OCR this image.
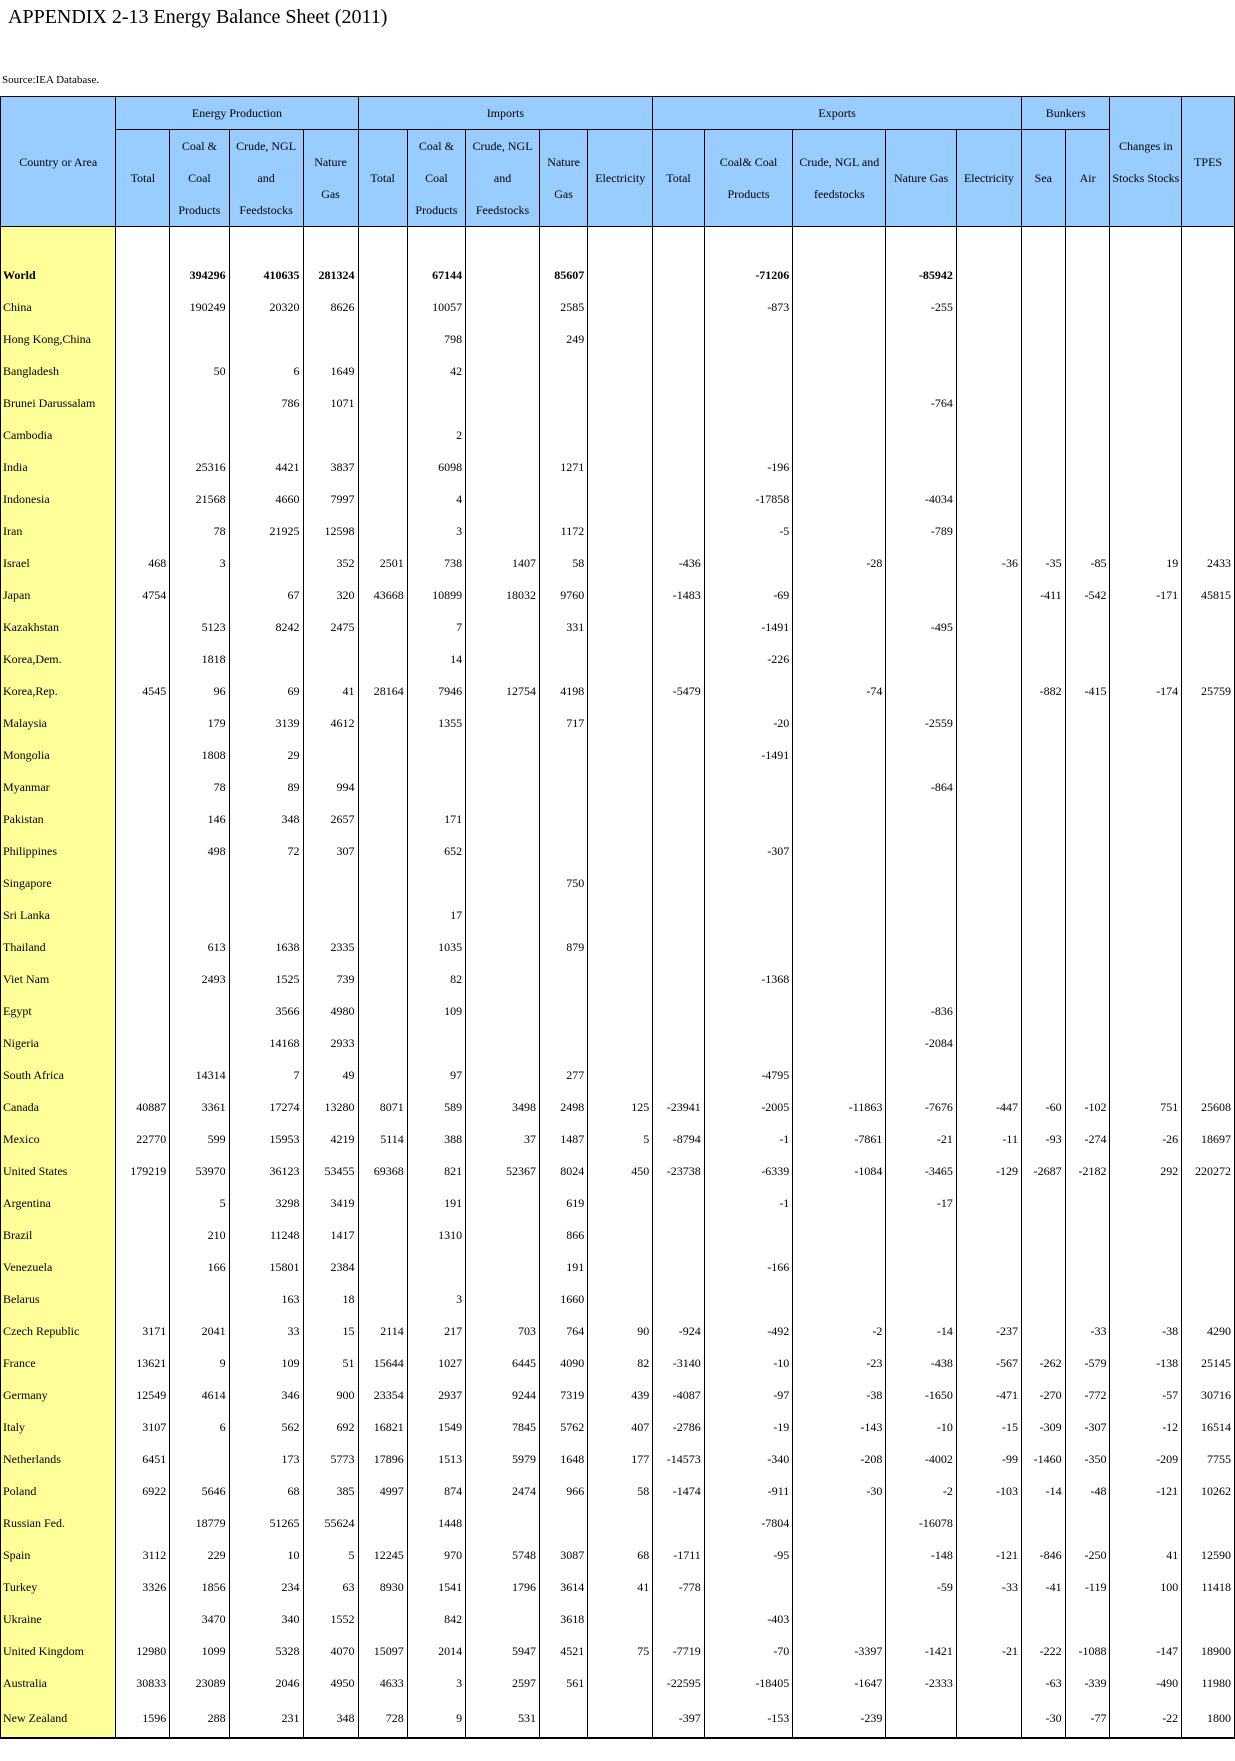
APPENDIX 2-13 Energy Balance Sheet (2011)
Source:IEA Database.
Country or Area	Energy Production				Imports					Exports					Bunkers		Changes in Stocks Stocks	TPES
	Total	Coal & Coal Products	Crude, NGL and Feedstocks	Nature Gas	Total	Coal & Coal Products	Crude, NGL and Feedstocks	Nature Gas	Electricity	Total	Coal& Coal Products	Crude, NGL and feedstocks	Nature Gas	Electricity	Sea	Air		

World		394296	410635	281324		67144		85607			-71206		-85942					
China		190249	20320	8626		10057		2585			-873		-255					
Hong Kong,China						798		249										
Bangladesh		50	6	1649		42												
Brunei Darussalam			786	1071									-764					
Cambodia						2												
India		25316	4421	3837		6098		1271			-196							
Indonesia		21568	4660	7997		4					-17858		-4034					
Iran		78	21925	12598		3		1172			-5		-789					
Israel	468	3		352	2501	738	1407	58		-436		-28		-36	-35	-85	19	2433
Japan	4754		67	320	43668	10899	18032	9760		-1483	-69				-411	-542	-171	45815
Kazakhstan		5123	8242	2475		7		331			-1491		-495					
Korea,Dem.		1818				14					-226							
Korea,Rep.	4545	96	69	41	28164	7946	12754	4198		-5479		-74			-882	-415	-174	25759
Malaysia		179	3139	4612		1355		717			-20		-2559					
Mongolia		1808	29								-1491							
Myanmar		78	89	994									-864					
Pakistan		146	348	2657		171												
Philippines		498	72	307		652					-307							
Singapore								750										
Sri Lanka						17												
Thailand		613	1638	2335		1035		879										
Viet Nam		2493	1525	739		82					-1368							
Egypt			3566	4980		109							-836					
Nigeria			14168	2933									-2084					
South Africa		14314	7	49		97		277			-4795							
Canada	40887	3361	17274	13280	8071	589	3498	2498	125	-23941	-2005	-11863	-7676	-447	-60	-102	751	25608
Mexico	22770	599	15953	4219	5114	388	37	1487	5	-8794	-1	-7861	-21	-11	-93	-274	-26	18697
United States	179219	53970	36123	53455	69368	821	52367	8024	450	-23738	-6339	-1084	-3465	-129	-2687	-2182	292	220272
Argentina		5	3298	3419		191		619			-1		-17					
Brazil		210	11248	1417		1310		866										
Venezuela		166	15801	2384				191			-166							
Belarus			163	18		3		1660										
Czech Republic	3171	2041	33	15	2114	217	703	764	90	-924	-492	-2	-14	-237		-33	-38	4290
France	13621	9	109	51	15644	1027	6445	4090	82	-3140	-10	-23	-438	-567	-262	-579	-138	25145
Germany	12549	4614	346	900	23354	2937	9244	7319	439	-4087	-97	-38	-1650	-471	-270	-772	-57	30716
Italy	3107	6	562	692	16821	1549	7845	5762	407	-2786	-19	-143	-10	-15	-309	-307	-12	16514
Netherlands	6451		173	5773	17896	1513	5979	1648	177	-14573	-340	-208	-4002	-99	-1460	-350	-209	7755
Poland	6922	5646	68	385	4997	874	2474	966	58	-1474	-911	-30	-2	-103	-14	-48	-121	10262
Russian Fed.		18779	51265	55624		1448					-7804		-16078					
Spain	3112	229	10	5	12245	970	5748	3087	68	-1711	-95		-148	-121	-846	-250	41	12590
Turkey	3326	1856	234	63	8930	1541	1796	3614	41	-778			-59	-33	-41	-119	100	11418
Ukraine		3470	340	1552		842		3618			-403							
United Kingdom	12980	1099	5328	4070	15097	2014	5947	4521	75	-7719	-70	-3397	-1421	-21	-222	-1088	-147	18900
Australia	30833	23089	2046	4950	4633	3	2597	561		-22595	-18405	-1647	-2333		-63	-339	-490	11980
New Zealand	1596	288	231	348	728	9	531			-397	-153	-239			-30	-77	-22	1800
